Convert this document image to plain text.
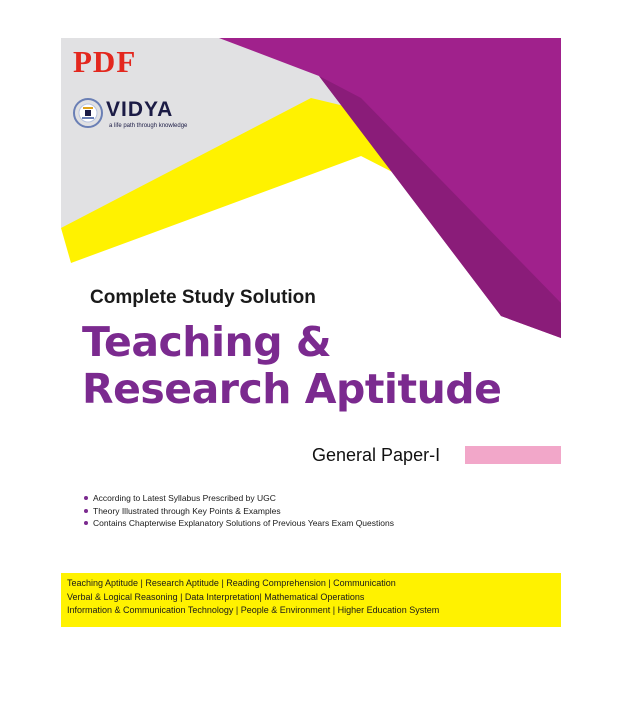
PDF
VIDYA
a life path through knowledge
Complete Study Solution
Teaching &
Research Aptitude
General Paper-I
According to Latest Syllabus Prescribed by UGC
Theory Illustrated through Key Points & Examples
Contains Chapterwise Explanatory Solutions of Previous Years Exam Questions
Teaching Aptitude | Research Aptitude | Reading Comprehension | Communication
Verbal & Logical Reasoning | Data Interpretation| Mathematical Operations
Information & Communication Technology | People & Environment | Higher Education System
